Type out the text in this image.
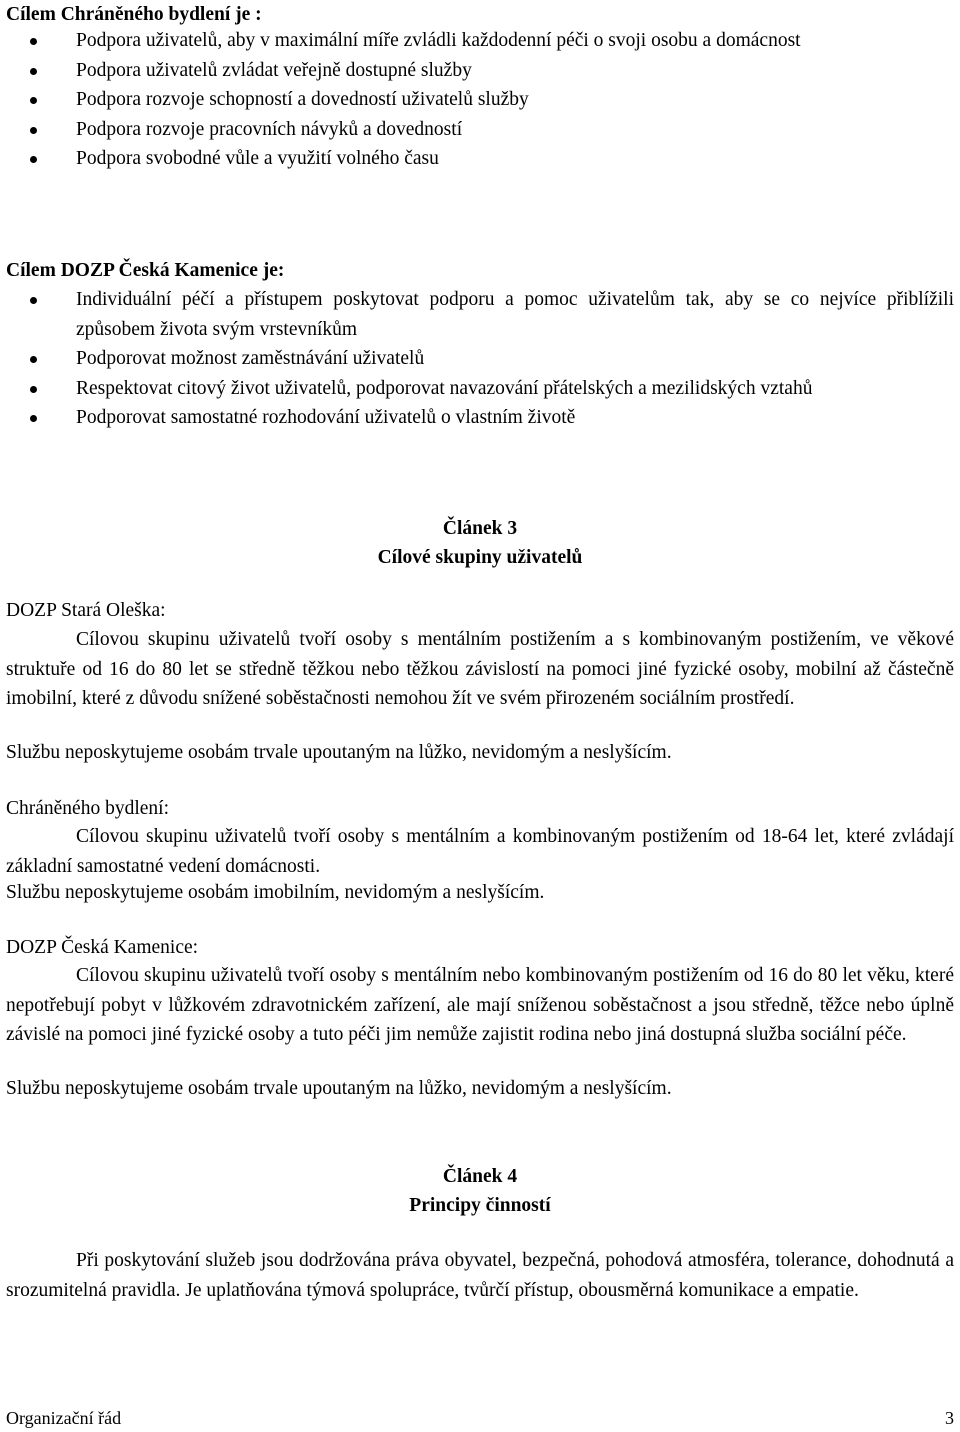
Cílem Chráněného bydlení je :
Podpora uživatelů, aby v maximální míře zvládli každodenní péči o svoji osobu a domácnost
Podpora uživatelů zvládat veřejně dostupné služby
Podpora rozvoje schopností a dovedností uživatelů služby
Podpora rozvoje pracovních návyků a dovedností
Podpora svobodné vůle a využití volného času
Cílem DOZP Česká Kamenice je:
Individuální péčí a přístupem poskytovat podporu a pomoc uživatelům tak, aby se co nejvíce přiblížili způsobem života svým vrstevníkům
Podporovat možnost zaměstnávání uživatelů
Respektovat citový život uživatelů, podporovat navazování přátelských a mezilidských vztahů
Podporovat samostatné rozhodování uživatelů o vlastním životě
Článek 3
Cílové skupiny uživatelů
DOZP Stará Oleška:

Cílovou skupinu uživatelů tvoří osoby s mentálním postižením a s kombinovaným postižením, ve věkové struktuře od 16 do 80 let se středně těžkou nebo těžkou závislostí na pomoci jiné fyzické osoby, mobilní až částečně imobilní, které z důvodu snížené soběstačnosti nemohou žít ve svém přirozeném sociálním prostředí.

Službu neposkytujeme osobám trvale upoutaným na lůžko, nevidomým a neslyšícím.

Chráněného bydlení:

Cílovou skupinu uživatelů tvoří osoby s mentálním a kombinovaným postižením od 18-64 let, které zvládají základní samostatné vedení domácnosti.

Službu neposkytujeme osobám imobilním, nevidomým a neslyšícím.

DOZP Česká Kamenice:

Cílovou skupinu uživatelů tvoří osoby s mentálním nebo kombinovaným postižením od 16 do 80 let věku, které nepotřebují pobyt v lůžkovém zdravotnickém zařízení, ale mají sníženou soběstačnost a jsou středně, těžce nebo úplně závislé na pomoci jiné fyzické osoby a tuto péči jim nemůže zajistit rodina nebo jiná dostupná služba sociální péče.

Službu neposkytujeme osobám trvale upoutaným na lůžko, nevidomým a neslyšícím.

Článek 4
Principy činností

Při poskytování služeb jsou dodržována práva obyvatel, bezpečná, pohodová atmosféra, tolerance, dohodnutá a srozumitelná pravidla. Je uplatňována týmová spolupráce, tvůrčí přístup, obousměrná komunikace a empatie.

Organizační řád	3
